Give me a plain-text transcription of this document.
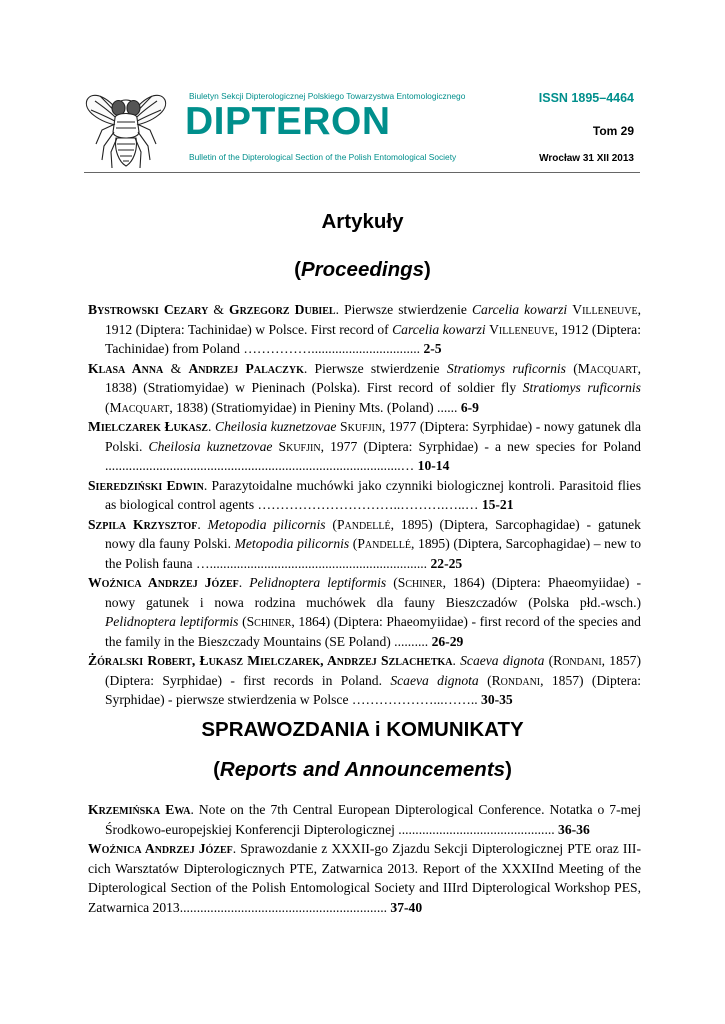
Biuletyn Sekcji Dipterologicznej Polskiego Towarzystwa Entomologicznego
DIPTERON
Bulletin of the Dipterological Section of the Polish Entomological Society
ISSN 1895–4464
Tom 29
Wrocław 31 XII 2013
Artykuły
(Proceedings)

Bystrowski Cezary & Grzegorz Dubiel. Pierwsze stwierdzenie Carcelia kowarzi Villeneuve, 1912 (Diptera: Tachinidae) w Polsce. First record of Carcelia kowarzi Villeneuve, 1912 (Diptera: Tachinidae) from Poland ……………................................ 2-5

Klasa Anna & Andrzej Palaczyk. Pierwsze stwierdzenie Stratiomys ruficornis (Macquart, 1838) (Stratiomyidae) w Pieninach (Polska). First record of soldier fly Stratiomys ruficornis (Macquart, 1838) (Stratiomyidae) in Pieniny Mts. (Poland) ...... 6-9

Mielczarek Łukasz. Cheilosia kuznetzovae Skufjin, 1977 (Diptera: Syrphidae) - nowy gatunek dla Polski. Cheilosia kuznetzovae Skufjin, 1977 (Diptera: Syrphidae) - a new species for Poland .......................................................................................… 10-14

Sieredziński Edwin. Parazytoidalne muchówki jako czynniki biologicznej kontroli. Parasitoid flies as biological control agents …………………………..……….…..… 15-21

Szpila Krzysztof. Metopodia pilicornis (Pandellé, 1895) (Diptera, Sarcophagidae) - gatunek nowy dla fauny Polski. Metopodia pilicornis (Pandellé, 1895) (Diptera, Sarcophagidae) – new to the Polish fauna …................................................................ 22-25

Woźnica Andrzej Józef. Pelidnoptera leptiformis (Schiner, 1864) (Diptera: Phaeomyiidae) - nowy gatunek i nowa rodzina muchówek dla fauny Bieszczadów (Polska płd.-wsch.) Pelidnoptera leptiformis (Schiner, 1864) (Diptera: Phaeomyiidae) - first record of the species and the family in the Bieszczady Mountains (SE Poland) .......... 26-29

Żóralski Robert, Łukasz Mielczarek, Andrzej Szlachetka. Scaeva dignota (Rondani, 1857) (Diptera: Syrphidae) - first records in Poland. Scaeva dignota (Rondani, 1857) (Diptera: Syrphidae) - pierwsze stwierdzenia w Polsce ………………...…….. 30-35

SPRAWOZDANIA i KOMUNIKATY
(Reports and Announcements)

Krzemińska Ewa. Note on the 7th Central European Dipterological Conference. Notatka o 7-mej Środkowo-europejskiej Konferencji Dipterologicznej .............................................. 36-36

Woźnica Andrzej Józef. Sprawozdanie z XXXII-go Zjazdu Sekcji Dipterologicznej PTE oraz III-cich Warsztatów Dipterologicznych PTE, Zatwarnica 2013. Report of the XXXIInd Meeting of the Dipterological Section of the Polish Entomological Society and IIIrd Dipterological Workshop PES, Zatwarnica 2013............................................................. 37-40
